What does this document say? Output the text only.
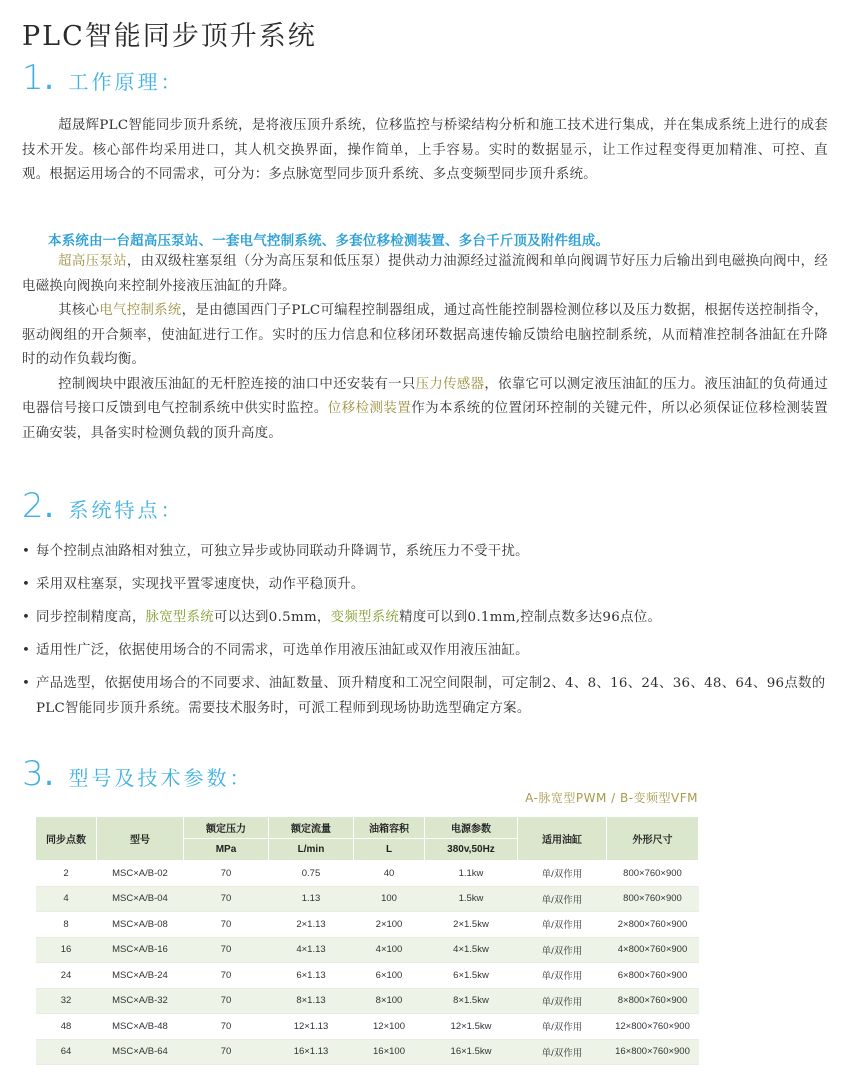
PLC智能同步顶升系统
1 . 工作原理：

超晟辉PLC智能同步顶升系统，是将液压顶升系统，位移监控与桥梁结构分析和施工技术进行集成，并在集成系统上进行的成套技术开发。核心部件均采用进口，其人机交换界面，操作简单，上手容易。实时的数据显示，让工作过程变得更加精准、可控、直观。根据运用场合的不同需求，可分为：多点脉宽型同步顶升系统、多点变频型同步顶升系统。

本系统由一台超高压泵站、一套电气控制系统、多套位移检测装置、多台千斤顶及附件组成。

超高压泵站，由双级柱塞泵组（分为高压泵和低压泵）提供动力油源经过溢流阀和单向阀调节好压力后输出到电磁换向阀中，经电磁换向阀换向来控制外接液压油缸的升降。

其核心电气控制系统，是由德国西门子PLC可编程控制器组成，通过高性能控制器检测位移以及压力数据，根据传送控制指令，驱动阀组的开合频率，使油缸进行工作。实时的压力信息和位移闭环数据高速传输反馈给电脑控制系统，从而精准控制各油缸在升降时的动作负载均衡。

控制阀块中跟液压油缸的无杆腔连接的油口中还安装有一只压力传感器，依靠它可以测定液压油缸的压力。液压油缸的负荷通过电器信号接口反馈到电气控制系统中供实时监控。位移检测装置作为本系统的位置闭环控制的关键元件，所以必须保证位移检测装置正确安装，具备实时检测负载的顶升高度。

2 . 系统特点：
• 每个控制点油路相对独立，可独立异步或协同联动升降调节，系统压力不受干扰。
• 采用双柱塞泵，实现找平置零速度快，动作平稳顶升。
• 同步控制精度高，脉宽型系统可以达到0.5mm，变频型系统精度可以到0.1mm,控制点数多达96点位。
• 适用性广泛，依据使用场合的不同需求，可选单作用液压油缸或双作用液压油缸。
• 产品选型，依据使用场合的不同要求、油缸数量、顶升精度和工况空间限制，可定制2、4、8、16、24、36、48、64、96点数的PLC智能同步顶升系统。需要技术服务时，可派工程师到现场协助选型确定方案。
3 . 型号及技术参数：
A-脉宽型PWM / B-变频型VFM
同步点数	型号	额定压力	额定流量	油箱容积	电源参数	适用油缸	外形尺寸
		MPa	L/min	L	380v,50Hz		
2	MSC×A/B-02	70	0.75	40	1.1kw	单/双作用	800×760×900
4	MSC×A/B-04	70	1.13	100	1.5kw	单/双作用	800×760×900
8	MSC×A/B-08	70	2×1.13	2×100	2×1.5kw	单/双作用	2×800×760×900
16	MSC×A/B-16	70	4×1.13	4×100	4×1.5kw	单/双作用	4×800×760×900
24	MSC×A/B-24	70	6×1.13	6×100	6×1.5kw	单/双作用	6×800×760×900
32	MSC×A/B-32	70	8×1.13	8×100	8×1.5kw	单/双作用	8×800×760×900
48	MSC×A/B-48	70	12×1.13	12×100	12×1.5kw	单/双作用	12×800×760×900
64	MSC×A/B-64	70	16×1.13	16×100	16×1.5kw	单/双作用	16×800×760×900
